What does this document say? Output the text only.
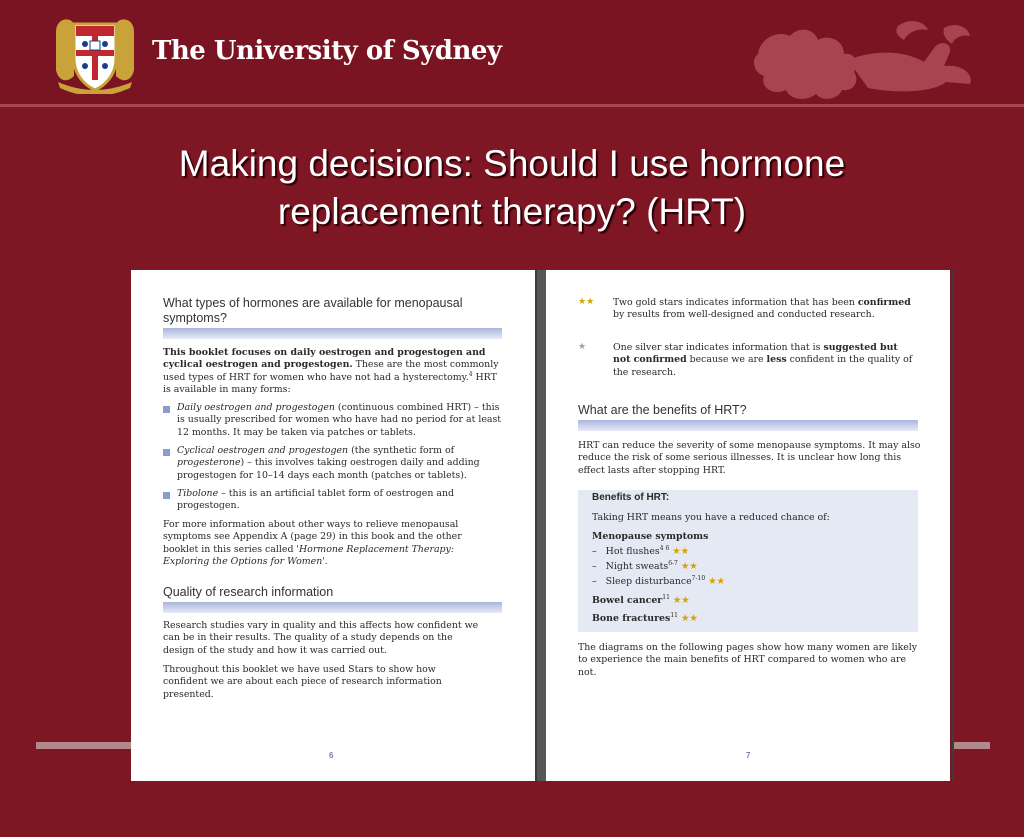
The University of Sydney
Making decisions: Should I use hormone replacement therapy? (HRT)
What types of hormones are available for menopausal symptoms?
This booklet focuses on daily oestrogen and progestogen and cyclical oestrogen and progestogen. These are the most commonly used types of HRT for women who have not had a hysterectomy.$^4$ HRT is available in many forms:
Daily oestrogen and progestogen (continuous combined HRT) – this is usually prescribed for women who have had no period for at least 12 months. It may be taken via patches or tablets.
Cyclical oestrogen and progestogen (the synthetic form of progesterone) – this involves taking oestrogen daily and adding progestogen for 10–14 days each month (patches or tablets).
Tibolone – this is an artificial tablet form of oestrogen and progestogen.
For more information about other ways to relieve menopausal symptoms see Appendix A (page 29) in this book and the other booklet in this series called 'Hormone Replacement Therapy: Exploring the Options for Women'.
Quality of research information
Research studies vary in quality and this affects how confident we can be in their results. The quality of a study depends on the design of the study and how it was carried out.
Throughout this booklet we have used Stars to show how confident we are about each piece of research information presented.
6
★★ Two gold stars indicates information that has been confirmed by results from well-designed and conducted research.
★	One silver star indicates information that is suggested but not confirmed because we are less confident in the quality of the research.
What are the benefits of HRT?
HRT can reduce the severity of some menopause symptoms. It may also reduce the risk of some serious illnesses. It is unclear how long this effect lasts after stopping HRT.
Benefits of HRT:
Taking HRT means you have a reduced chance of:
Menopause symptoms
– Hot flushes$^{4 6}$ ★★
– Night sweats$^{6-7}$ ★★
– Sleep disturbance$^{7-10}$ ★★
Bowel cancer$^{11}$ ★★
Bone fractures$^{11}$ ★★
The diagrams on the following pages show how many women are likely to experience the main benefits of HRT compared to women who are not.
7
